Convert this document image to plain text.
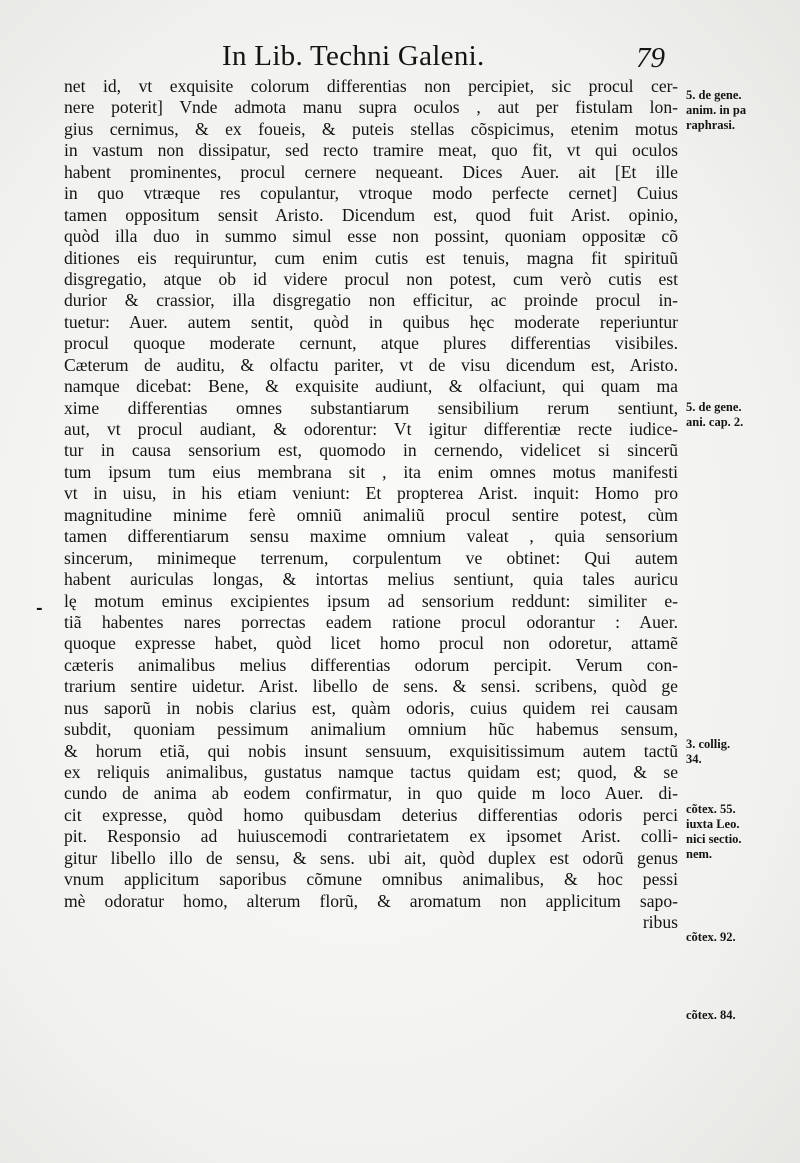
In Lib. Techni Galeni.	79
-
net id, vt exquisite colorum differentias non percipiet, sic procul cer-
nere poterit] Vnde admota manu supra oculos , aut per fistulam lon-
gius cernimus, & ex foueis, & puteis stellas cõspicimus, etenim motus
in vastum non dissipatur, sed recto tramire meat, quo fit, vt qui oculos
habent prominentes, procul cernere nequeant. Dices Auer. ait [Et ille
in quo vtræque res copulantur, vtroque modo perfecte cernet] Cuius
tamen oppositum sensit Aristo. Dicendum est, quod fuit Arist. opinio,
quòd illa duo in summo simul esse non possint, quoniam oppositæ cõ
ditiones eis requiruntur, cum enim cutis est tenuis, magna fit spirituũ
disgregatio, atque ob id videre procul non potest, cum verò cutis est
durior & crassior, illa disgregatio non efficitur, ac proinde procul in-
tuetur: Auer. autem sentit, quòd in quibus hęc moderate reperiuntur
procul quoque moderate cernunt, atque plures differentias visibiles.
Cæterum de auditu, & olfactu pariter, vt de visu dicendum est, Aristo.
namque dicebat: Bene, & exquisite audiunt, & olfaciunt, qui quam ma
xime differentias omnes substantiarum sensibilium rerum sentiunt,
aut, vt procul audiant, & odorentur: Vt igitur differentiæ recte iudice-
tur in causa sensorium est, quomodo in cernendo, videlicet si sincerũ
tum ipsum tum eius membrana sit , ita enim omnes motus manifesti
vt in uisu, in his etiam veniunt: Et propterea Arist. inquit: Homo pro
magnitudine minime ferè omniũ animaliũ procul sentire potest, cùm
tamen differentiarum sensu maxime omnium valeat , quia sensorium
sincerum, minimeque terrenum, corpulentum ve obtinet: Qui autem
habent auriculas longas, & intortas melius sentiunt, quia tales auricu
lę motum eminus excipientes ipsum ad sensorium reddunt: similiter e-
tiã habentes nares porrectas eadem ratione procul odorantur : Auer.
quoque expresse habet, quòd licet homo procul non odoretur, attamẽ
cæteris animalibus melius differentias odorum percipit. Verum con-
trarium sentire uidetur. Arist. libello de sens. & sensi. scribens, quòd ge
nus saporũ in nobis clarius est, quàm odoris, cuius quidem rei causam
subdit, quoniam pessimum animalium omnium hũc habemus sensum,
& horum etiã, qui nobis insunt sensuum, exquisitissimum autem tactũ
ex reliquis animalibus, gustatus namque tactus quidam est; quod, & se
cundo de anima ab eodem confirmatur, in quo quide m loco Auer. di-
cit expresse, quòd homo quibusdam deterius differentias odoris perci
pit. Responsio ad huiuscemodi contrarietatem ex ipsomet Arist. colli-
gitur libello illo de sensu, & sens. ubi ait, quòd duplex est odorũ genus
vnum applicitum saporibus cõmune omnibus animalibus, & hoc pessi
mè odoratur homo, alterum florũ, & aromatum non applicitum sapo-
ribus
5. de gene.
anim. in pa
raphrasi.
5. de gene.
ani. cap. 2.
3. collig.
34.
cõtex. 55.
iuxta Leo.
nici sectio.
nem.
cõtex. 92.
cõtex. 84.
